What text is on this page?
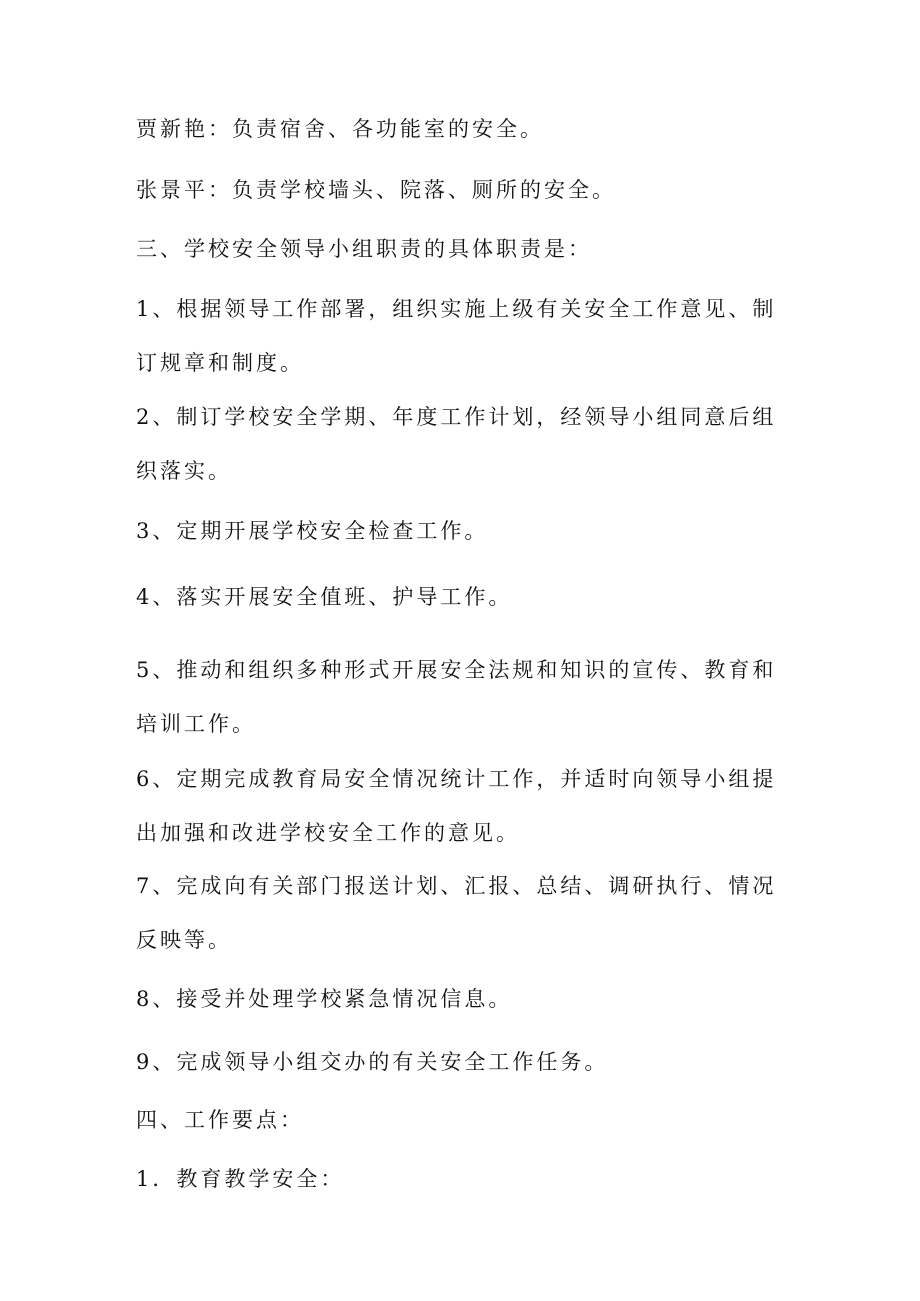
贾新艳：负责宿舍、各功能室的安全。
张景平：负责学校墙头、院落、厕所的安全。
三、学校安全领导小组职责的具体职责是：
1、根据领导工作部署，组织实施上级有关安全工作意见、制订规章和制度。
2、制订学校安全学期、年度工作计划，经领导小组同意后组织落实。
3、定期开展学校安全检查工作。
4、落实开展安全值班、护导工作。
5、推动和组织多种形式开展安全法规和知识的宣传、教育和培训工作。
6、定期完成教育局安全情况统计工作，并适时向领导小组提出加强和改进学校安全工作的意见。
7、完成向有关部门报送计划、汇报、总结、调研执行、情况反映等。
8、接受并处理学校紧急情况信息。
9、完成领导小组交办的有关安全工作任务。
四、工作要点：
1．教育教学安全：
